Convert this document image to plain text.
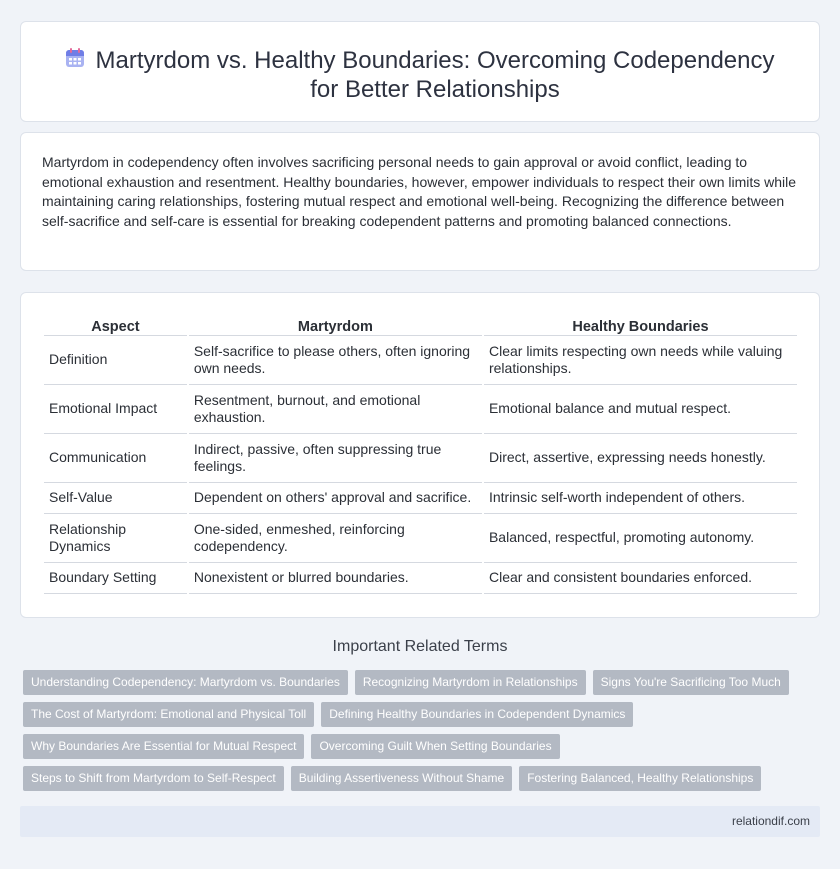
Martyrdom vs. Healthy Boundaries: Overcoming Codependency for Better Relationships

Martyrdom in codependency often involves sacrificing personal needs to gain approval or avoid conflict, leading to emotional exhaustion and resentment. Healthy boundaries, however, empower individuals to respect their own limits while maintaining caring relationships, fostering mutual respect and emotional well-being. Recognizing the difference between self-sacrifice and self-care is essential for breaking codependent patterns and promoting balanced connections.

Aspect	Martyrdom	Healthy Boundaries
Definition	Self-sacrifice to please others, often ignoring own needs.	Clear limits respecting own needs while valuing relationships.
Emotional Impact	Resentment, burnout, and emotional exhaustion.	Emotional balance and mutual respect.
Communication	Indirect, passive, often suppressing true feelings.	Direct, assertive, expressing needs honestly.
Self-Value	Dependent on others' approval and sacrifice.	Intrinsic self-worth independent of others.
Relationship Dynamics	One-sided, enmeshed, reinforcing codependency.	Balanced, respectful, promoting autonomy.
Boundary Setting	Nonexistent or blurred boundaries.	Clear and consistent boundaries enforced.
Important Related Terms
Understanding Codependency: Martyrdom vs. Boundaries	Recognizing Martyrdom in Relationships	Signs You're Sacrificing Too Much
The Cost of Martyrdom: Emotional and Physical Toll	Defining Healthy Boundaries in Codependent Dynamics
Why Boundaries Are Essential for Mutual Respect	Overcoming Guilt When Setting Boundaries
Steps to Shift from Martyrdom to Self-Respect	Building Assertiveness Without Shame	Fostering Balanced, Healthy Relationships
relationdif.com
